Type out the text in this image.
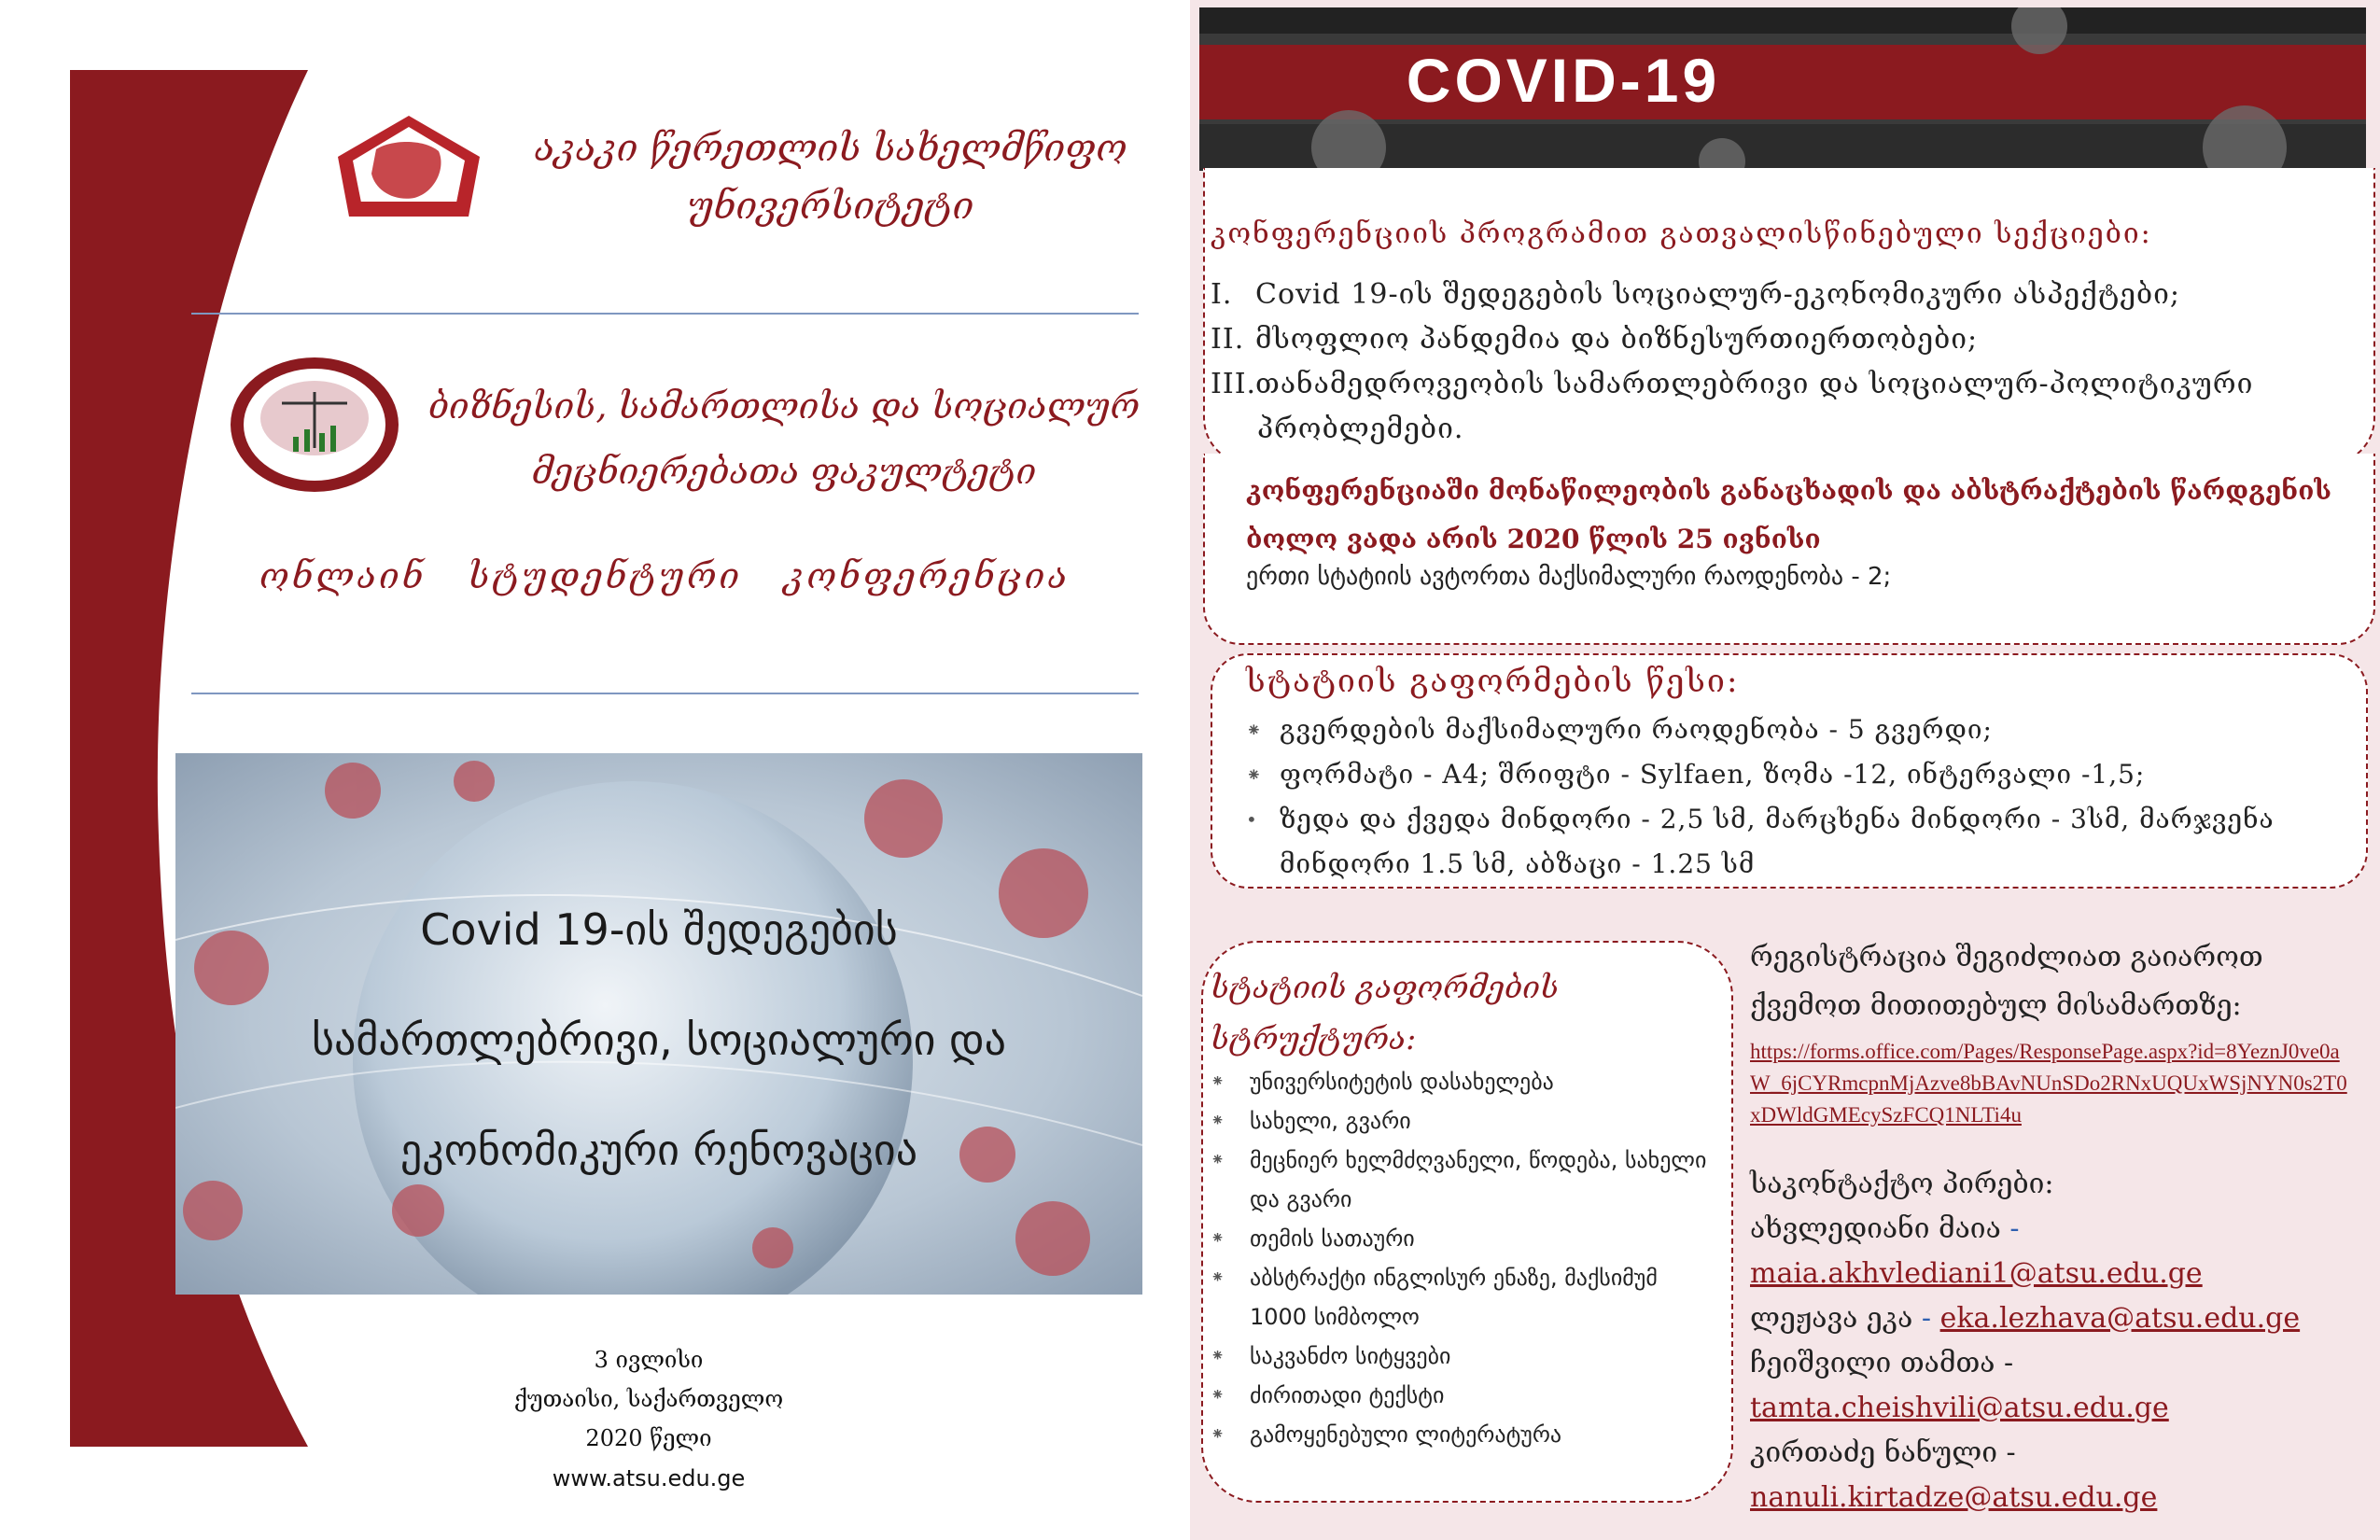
აკაკი წერეთლის სახელმწიფო
უნივერსიტეტი
ბიზნესის, სამართლისა და სოციალურ
მეცნიერებათა ფაკულტეტი
ონლაინ სტუდენტური კონფერენცია
Covid 19-ის შედეგების
სამართლებრივი, სოციალური და
ეკონომიკური რენოვაცია
3 ივლისი
ქუთაისი, საქართველო
2020 წელი
www.atsu.edu.ge
COVID-19
კონფერენციის პროგრამით გათვალისწინებული სექციები:
I. Covid 19-ის შედეგების სოციალურ-ეკონომიკური ასპექტები;
II. მსოფლიო პანდემია და ბიზნესურთიერთობები;
III.თანამედროვეობის სამართლებრივი და სოციალურ-პოლიტიკური
პრობლემები.
კონფერენციაში მონაწილეობის განაცხადის და აბსტრაქტების წარდგენის
ბოლო ვადა არის 2020 წლის 25 ივნისი
ერთი სტატიის ავტორთა მაქსიმალური რაოდენობა - 2;
სტატიის გაფორმების წესი:
⁕ გვერდების მაქსიმალური რაოდენობა - 5 გვერდი;
⁕ ფორმატი - A4; შრიფტი - Sylfaen, ზომა -12, ინტერვალი -1,5;
• ზედა და ქვედა მინდორი - 2,5 სმ, მარცხენა მინდორი - 3სმ, მარჯვენა მინდორი 1.5 სმ, აბზაცი - 1.25 სმ
სტატიის გაფორმების
სტრუქტურა:
⁕	უნივერსიტეტის დასახელება
⁕	სახელი, გვარი
⁕	მეცნიერ ხელმძღვანელი, წოდება, სახელი და გვარი
⁕	თემის სათაური
⁕	აბსტრაქტი ინგლისურ ენაზე, მაქსიმუმ 1000 სიმბოლო
⁕	საკვანძო სიტყვები
⁕	ძირითადი ტექსტი
⁕	გამოყენებული ლიტერატურა
რეგისტრაცია შეგიძლიათ გაიაროთ
ქვემოთ მითითებულ მისამართზე:
https://forms.office.com/Pages/ResponsePage.aspx?id=8YeznJ0ve0aW_6jCYRmcpnMjAzve8bBAvNUnSDo2RNxUQUxWSjNYN0s2T0xDWldGMEcySzFCQ1NLTi4u
საკონტაქტო პირები:
ახვლედიანი მაია -
maia.akhvlediani1@atsu.edu.ge
ლეჟავა ეკა - eka.lezhava@atsu.edu.ge
ჩეიშვილი თამთა -
tamta.cheishvili@atsu.edu.ge
კირთაძე ნანული -
nanuli.kirtadze@atsu.edu.ge
